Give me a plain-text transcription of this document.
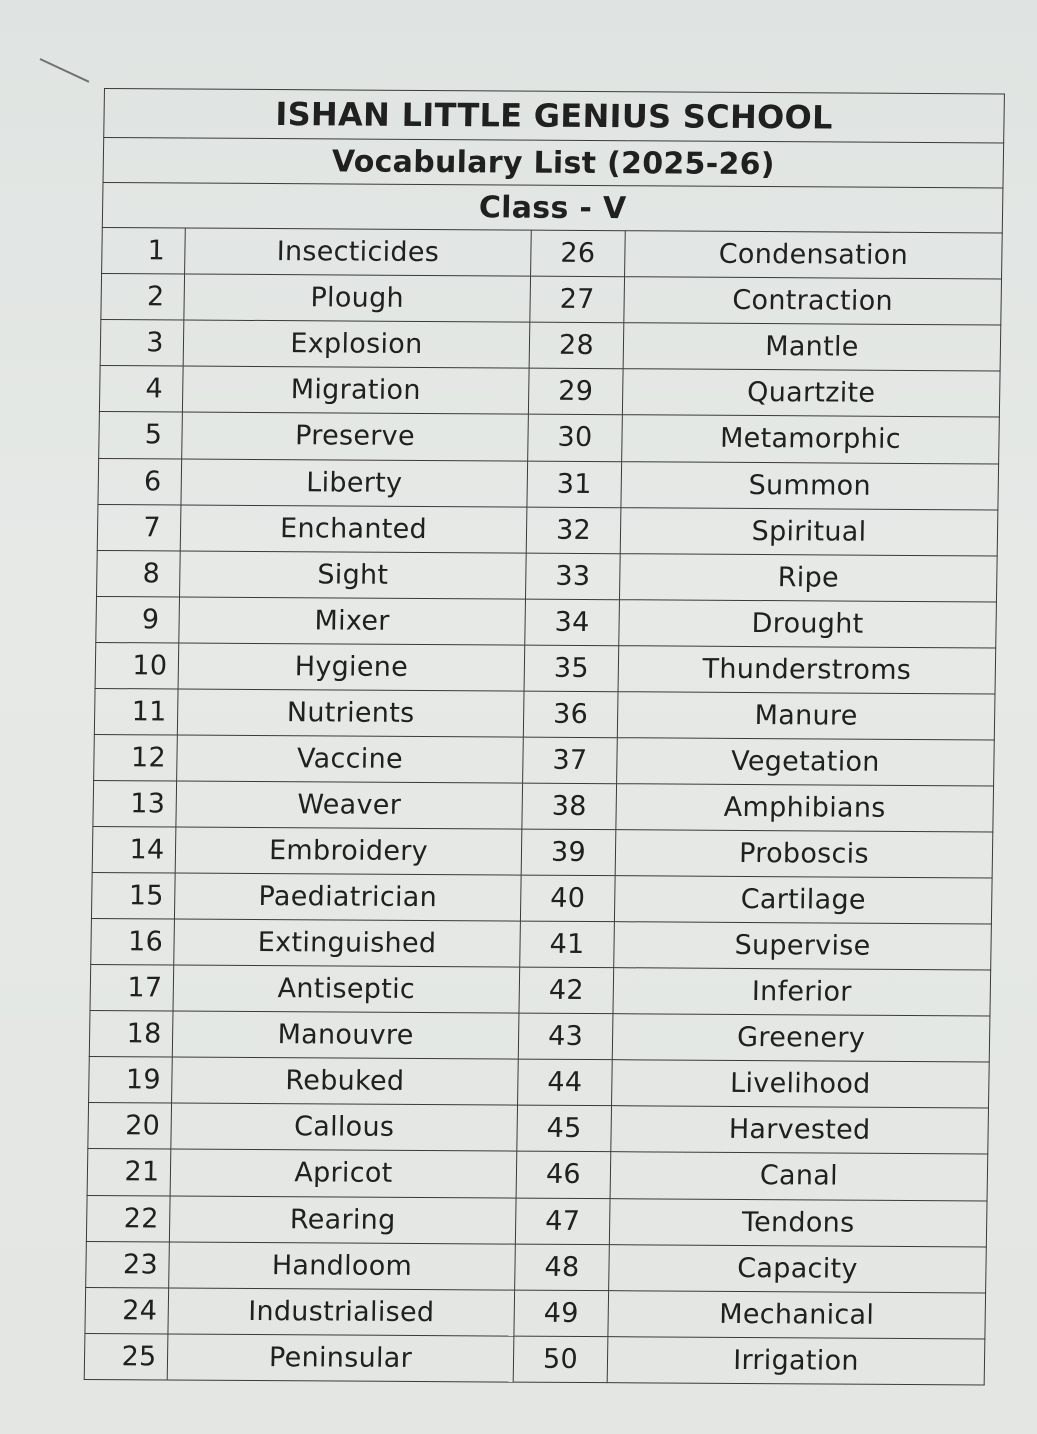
ISHAN LITTLE GENIUS SCHOOL			
Vocabulary List (2025-26)			
Class - V			
1	Insecticides	26	Condensation
2	Plough	27	Contraction
3	Explosion	28	Mantle
4	Migration	29	Quartzite
5	Preserve	30	Metamorphic
6	Liberty	31	Summon
7	Enchanted	32	Spiritual
8	Sight	33	Ripe
9	Mixer	34	Drought
10	Hygiene	35	Thunderstroms
11	Nutrients	36	Manure
12	Vaccine	37	Vegetation
13	Weaver	38	Amphibians
14	Embroidery	39	Proboscis
15	Paediatrician	40	Cartilage
16	Extinguished	41	Supervise
17	Antiseptic	42	Inferior
18	Manouvre	43	Greenery
19	Rebuked	44	Livelihood
20	Callous	45	Harvested
21	Apricot	46	Canal
22	Rearing	47	Tendons
23	Handloom	48	Capacity
24	Industrialised	49	Mechanical
25	Peninsular	50	Irrigation
